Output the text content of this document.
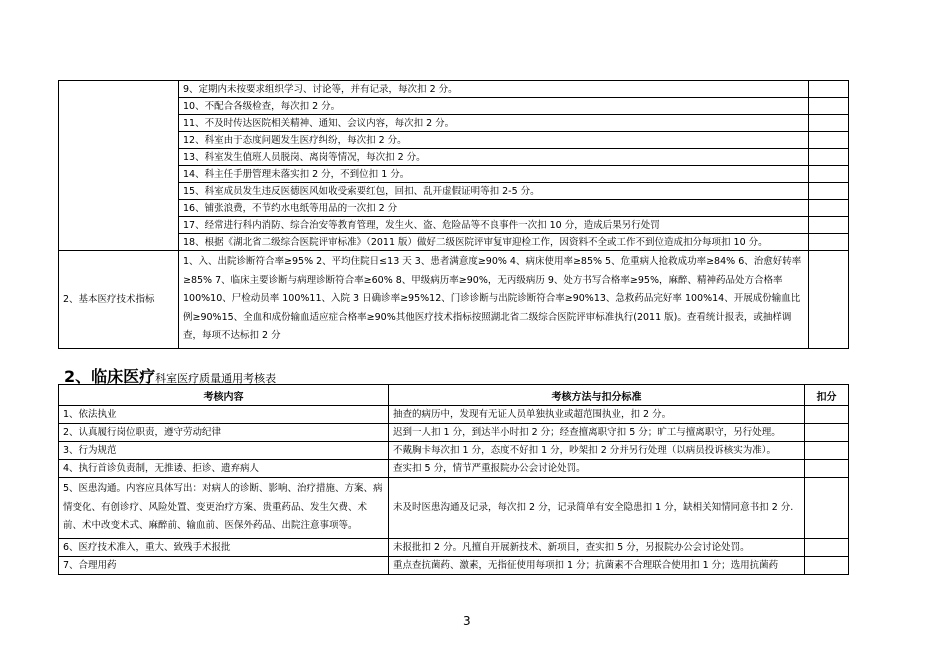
	9、定期内未按要求组织学习、讨论等，并有记录，每次扣 2 分。	
	10、不配合各级检查，每次扣 2 分。	
	11、不及时传达医院相关精神、通知、会议内容，每次扣 2 分。	
	12、科室由于态度问题发生医疗纠纷，每次扣 2 分。	
	13、科室发生值班人员脱岗、离岗等情况，每次扣 2 分。	
	14、科主任手册管理未落实扣 2 分，不到位扣 1 分。	
	15、科室成员发生违反医德医风如收受索要红包，回扣、乱开虚假证明等扣 2-5 分。	
	16、铺张浪费，不节约水电纸等用品的一次扣 2 分	
	17、经常进行科内消防、综合治安等教育管理，发生火、盗、危险品等不良事件一次扣 10 分，造成后果另行处罚	
	18、根据《湖北省二级综合医院评审标准》（2011 版）做好二级医院评审复审迎检工作，因资料不全或工作不到位造成扣分每项扣 10 分。	
2、基本医疗技术指标	1、入、出院诊断符合率≥95% 2、平均住院日≤13 天 3、患者满意度≥90% 4、病床使用率≥85% 5、危重病人抢救成功率≥84% 6、治愈好转率≥85% 7、临床主要诊断与病理诊断符合率≥60% 8、甲级病历率≥90%，无丙级病历 9、处方书写合格率≥95%，麻醉、精神药品处方合格率100%10、尸检动员率 100%11、入院 3 日确诊率≥95%12、门诊诊断与出院诊断符合率≥90%13、急救药品完好率 100%14、开展成份输血比例≥90%15、全血和成份输血适应症合格率≥90%其他医疗技术指标按照湖北省二级综合医院评审标准执行(2011 版)。查看统计报表，或抽样调查，每项不达标扣 2 分	
2、临床医疗科室医疗质量通用考核表
考核内容	考核方法与扣分标准	扣分
1、依法执业	抽查的病历中，发现有无证人员单独执业或超范围执业，扣 2 分。	
2、认真履行岗位职责，遵守劳动纪律	迟到一人扣 1 分，到达半小时扣 2 分；经查擅离职守扣 5 分；旷工与擅离职守，另行处理。	
3、行为规范	不戴胸卡每次扣 1 分，态度不好扣 1 分，吵架扣 2 分并另行处理（以病员投诉核实为准）。	
4、执行首诊负责制，无推诿、拒诊、遗弃病人	查实扣 5 分，情节严重报院办公会讨论处罚。	
5、医患沟通。内容应具体写出：对病人的诊断、影响、治疗措施、方案、病情变化、有创诊疗、风险处置、变更治疗方案、贵重药品、发生欠费、术前、术中改变术式、麻醉前、输血前、医保外药品、出院注意事项等。	未及时医患沟通及记录，每次扣 2 分，记录简单有安全隐患扣 1 分，缺相关知情同意书扣 2 分.	
6、医疗技术准入，重大、致残手术报批	未报批扣 2 分。凡擅自开展新技术、新项目，查实扣 5 分，另报院办公会讨论处罚。	
7、合理用药	重点查抗菌药、激素，无指征使用每项扣 1 分；抗菌素不合理联合使用扣 1 分；选用抗菌药	
3
